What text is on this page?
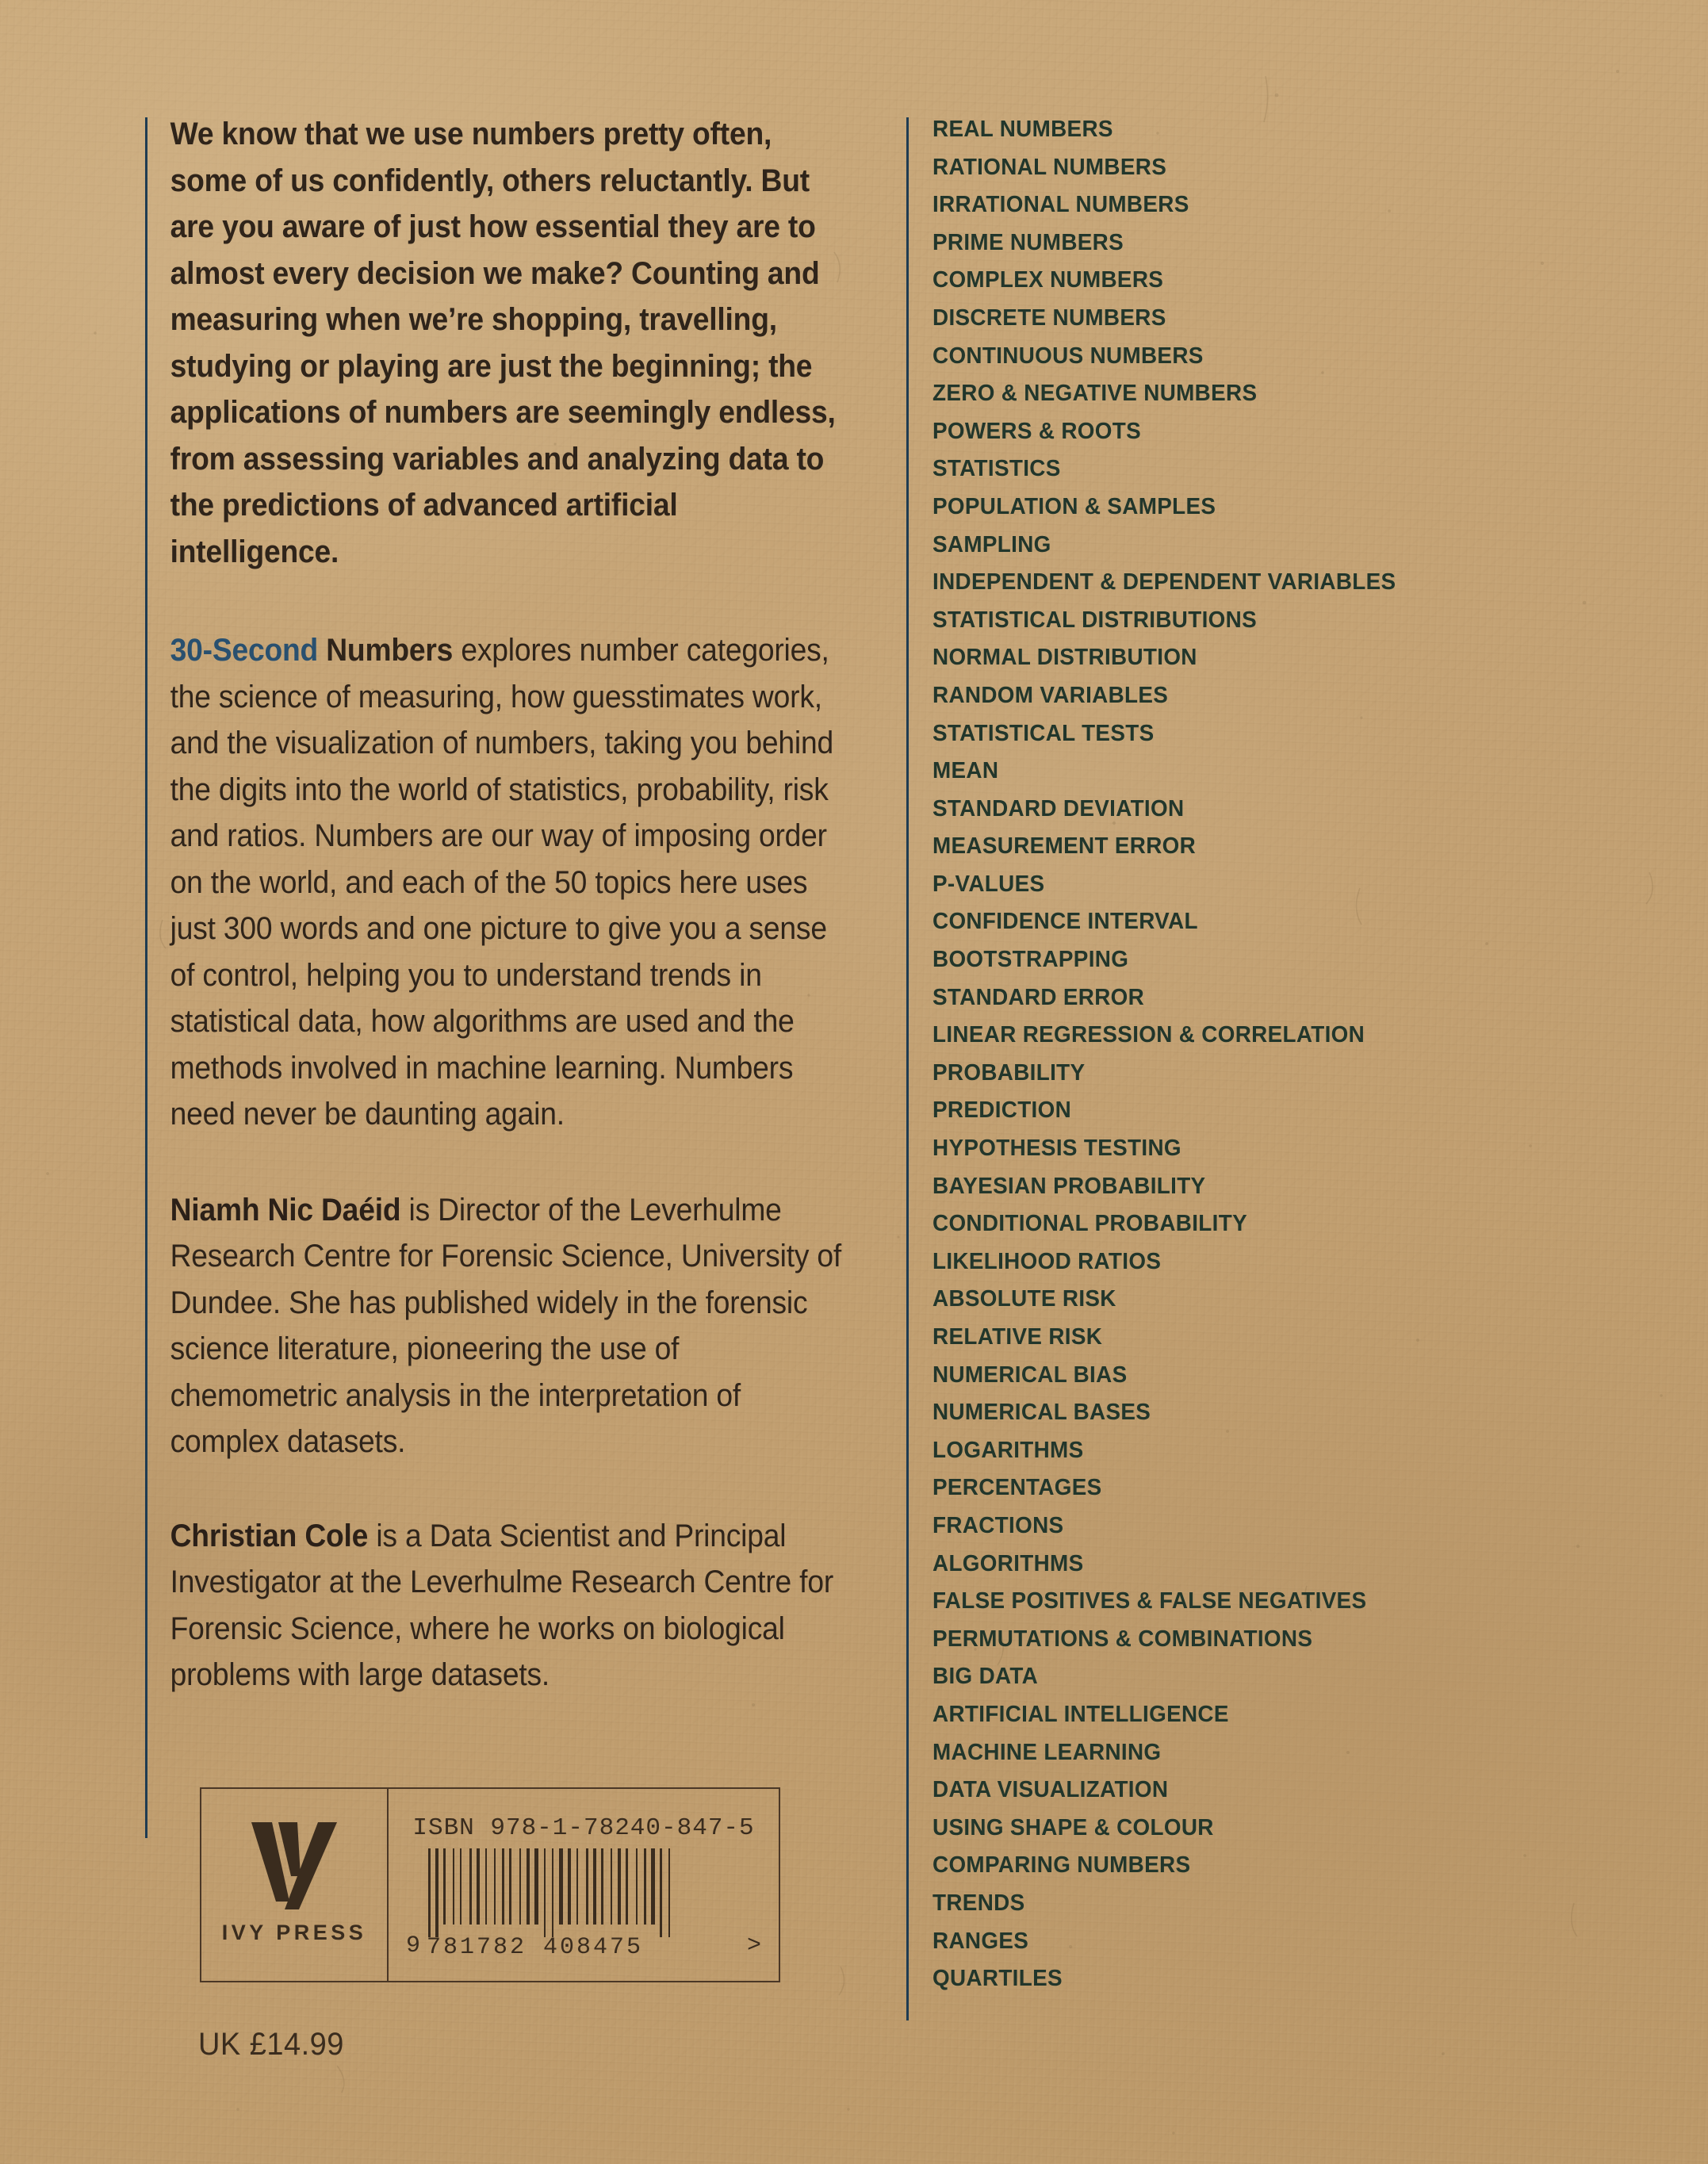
We know that we use numbers pretty often, some of us confidently, others reluctantly. But are you aware of just how essential they are to almost every decision we make? Counting and measuring when we’re shopping, travelling, studying or playing are just the beginning; the applications of numbers are seemingly endless, from assessing variables and analyzing data to the predictions of advanced artificial intelligence.

30-Second Numbers explores number categories, the science of measuring, how guesstimates work, and the visualization of numbers, taking you behind the digits into the world of statistics, probability, risk and ratios. Numbers are our way of imposing order on the world, and each of the 50 topics here uses just 300 words and one picture to give you a sense of control, helping you to understand trends in statistical data, how algorithms are used and the methods involved in machine learning. Numbers need never be daunting again.

Niamh Nic Daéid is Director of the Leverhulme Research Centre for Forensic Science, University of Dundee. She has published widely in the forensic science literature, pioneering the use of chemometric analysis in the interpretation of complex datasets.

Christian Cole is a Data Scientist and Principal Investigator at the Leverhulme Research Centre for Forensic Science, where he works on biological problems with large datasets.

REAL NUMBERS
RATIONAL NUMBERS
IRRATIONAL NUMBERS
PRIME NUMBERS
COMPLEX NUMBERS
DISCRETE NUMBERS
CONTINUOUS NUMBERS
ZERO & NEGATIVE NUMBERS
POWERS & ROOTS
STATISTICS
POPULATION & SAMPLES
SAMPLING
INDEPENDENT & DEPENDENT VARIABLES
STATISTICAL DISTRIBUTIONS
NORMAL DISTRIBUTION
RANDOM VARIABLES
STATISTICAL TESTS
MEAN
STANDARD DEVIATION
MEASUREMENT ERROR
P-VALUES
CONFIDENCE INTERVAL
BOOTSTRAPPING
STANDARD ERROR
LINEAR REGRESSION & CORRELATION
PROBABILITY
PREDICTION
HYPOTHESIS TESTING
BAYESIAN PROBABILITY
CONDITIONAL PROBABILITY
LIKELIHOOD RATIOS
ABSOLUTE RISK
RELATIVE RISK
NUMERICAL BIAS
NUMERICAL BASES
LOGARITHMS
PERCENTAGES
FRACTIONS
ALGORITHMS
FALSE POSITIVES & FALSE NEGATIVES
PERMUTATIONS & COMBINATIONS
BIG DATA
ARTIFICIAL INTELLIGENCE
MACHINE LEARNING
DATA VISUALIZATION
USING SHAPE & COLOUR
COMPARING NUMBERS
TRENDS
RANGES
QUARTILES
IVY PRESS
ISBN 978-1-78240-847-5
9 781782 408475	>
UK £14.99
